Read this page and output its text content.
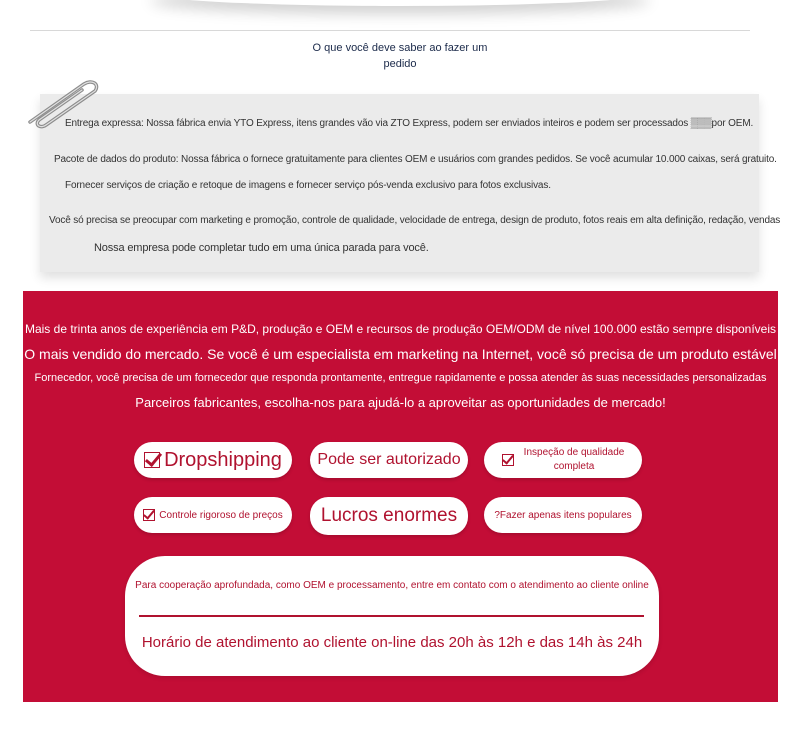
O que você deve saber ao fazer um
pedido
Entrega expressa: Nossa fábrica envia YTO Express, itens grandes vão via ZTO Express, podem ser enviados inteiros e podem ser processados ▒▒▒por OEM.
Pacote de dados do produto: Nossa fábrica o fornece gratuitamente para clientes OEM e usuários com grandes pedidos. Se você acumular 10.000 caixas, será gratuito.
Fornecer serviços de criação e retoque de imagens e fornecer serviço pós-venda exclusivo para fotos exclusivas.
Você só precisa se preocupar com marketing e promoção, controle de qualidade, velocidade de entrega, design de produto, fotos reais em alta definição, redação, vendas
Nossa empresa pode completar tudo em uma única parada para você.
Mais de trinta anos de experiência em P&D, produção e OEM e recursos de produção OEM/ODM de nível 100.000 estão sempre disponíveis
O mais vendido do mercado. Se você é um especialista em marketing na Internet, você só precisa de um produto estável
Fornecedor, você precisa de um fornecedor que responda prontamente, entregue rapidamente e possa atender às suas necessidades personalizadas
Parceiros fabricantes, escolha-nos para ajudá-lo a aproveitar as oportunidades de mercado!
Dropshipping Pode ser autorizado	Inspeção de qualidade
completa
Controle rigoroso de preços Lucros enormes	?Fazer apenas itens populares
Para cooperação aprofundada, como OEM e processamento, entre em contato com o atendimento ao cliente online
Horário de atendimento ao cliente on-line das 20h às 12h e das 14h às 24h
